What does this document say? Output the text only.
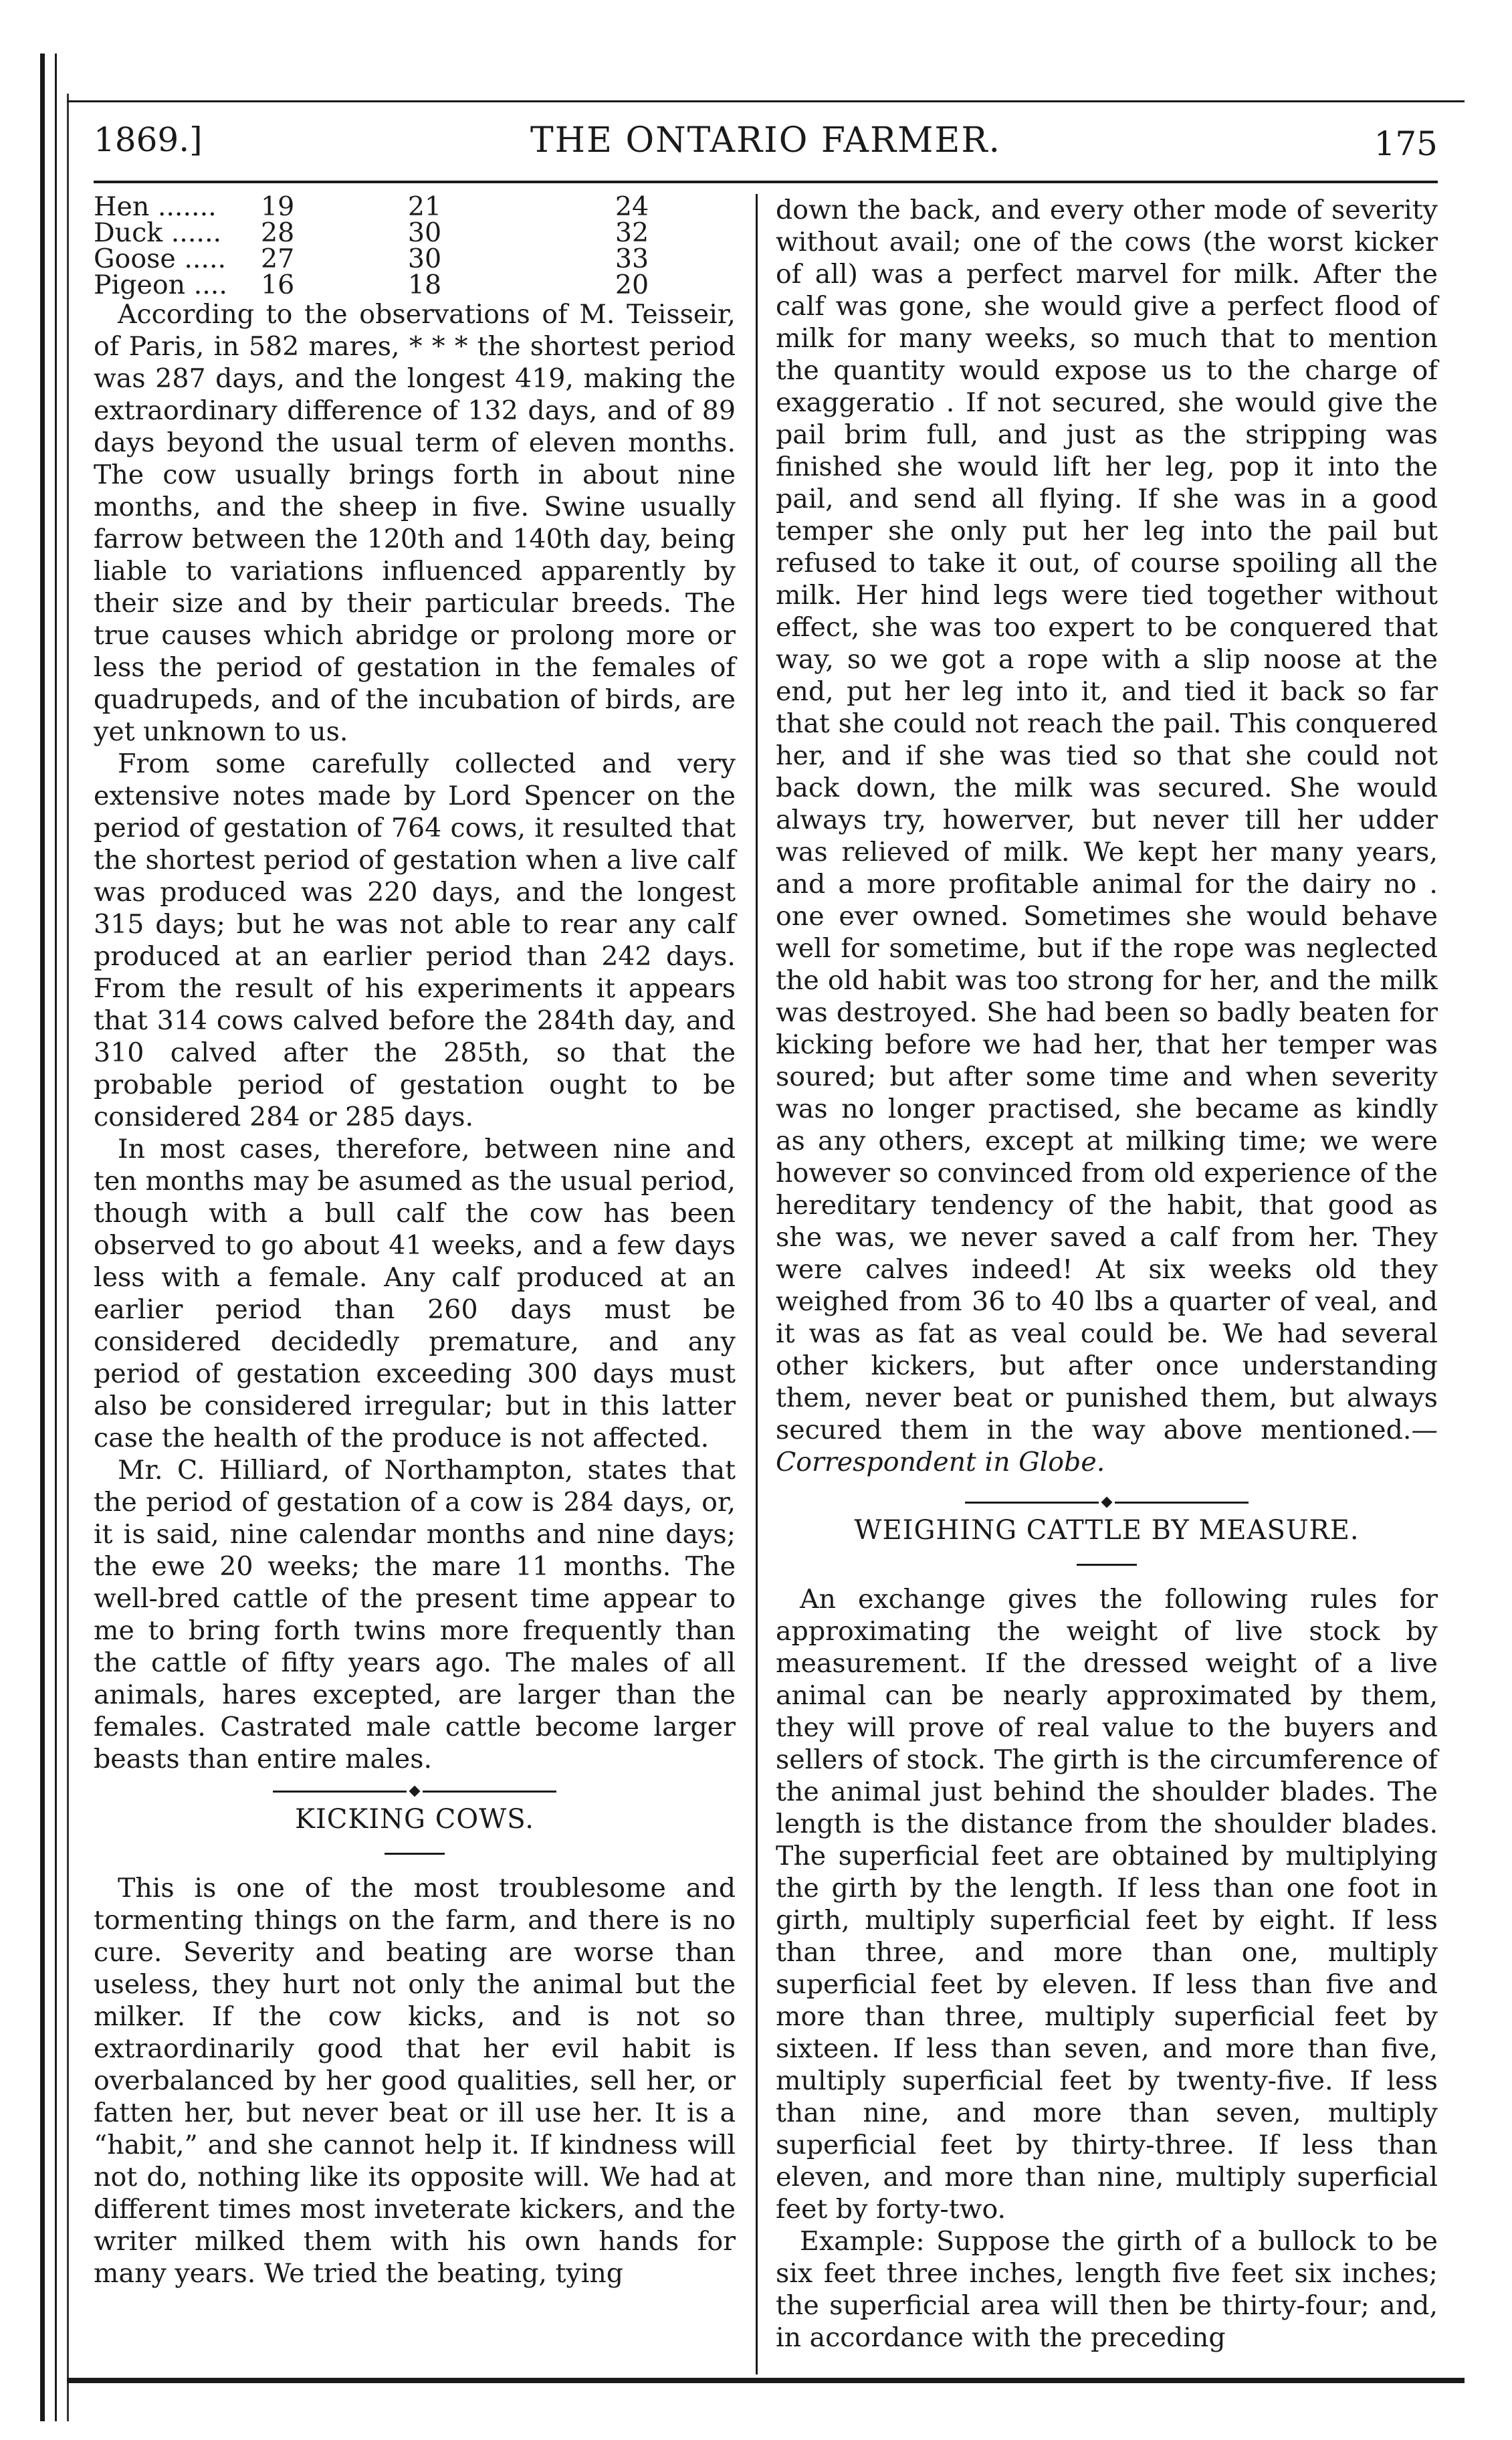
1869.]	THE ONTARIO FARMER.	175
Hen .......	19	21	24
Duck ......	28	30	32
Goose .....	27	30	33
Pigeon ....	16	18	20

According to the observations of M. Teisseir, of Paris, in 582 mares, * * * the shortest period was 287 days, and the longest 419, making the extraordinary difference of 132 days, and of 89 days beyond the usual term of eleven months. The cow usually brings forth in about nine months, and the sheep in five. Swine usually farrow between the 120th and 140th day, being liable to variations influenced apparently by their size and by their particular breeds. The true causes which abridge or prolong more or less the period of gestation in the females of quadrupeds, and of the incubation of birds, are yet unknown to us.

From some carefully collected and very extensive notes made by Lord Spencer on the period of gestation of 764 cows, it resulted that the shortest period of gestation when a live calf was produced was 220 days, and the longest 315 days; but he was not able to rear any calf produced at an earlier period than 242 days. From the result of his experiments it appears that 314 cows calved before the 284th day, and 310 calved after the 285th, so that the probable period of gestation ought to be considered 284 or 285 days.

In most cases, therefore, between nine and ten months may be asumed as the usual period, though with a bull calf the cow has been observed to go about 41 weeks, and a few days less with a female. Any calf produced at an earlier period than 260 days must be considered decidedly premature, and any period of gestation exceeding 300 days must also be considered irregular; but in this latter case the health of the produce is not affected.

Mr. C. Hilliard, of Northampton, states that the period of gestation of a cow is 284 days, or, it is said, nine calendar months and nine days; the ewe 20 weeks; the mare 11 months. The well-bred cattle of the present time appear to me to bring forth twins more frequently than the cattle of fifty years ago. The males of all animals, hares excepted, are larger than the females. Castrated male cattle become larger beasts than entire males.

KICKING COWS.

This is one of the most troublesome and tormenting things on the farm, and there is no cure. Severity and beating are worse than useless, they hurt not only the animal but the milker. If the cow kicks, and is not so extraordinarily good that her evil habit is overbalanced by her good qualities, sell her, or fatten her, but never beat or ill use her. It is a “habit,” and she cannot help it. If kindness will not do, nothing like its opposite will. We had at different times most inveterate kickers, and the writer milked them with his own hands for many years. We tried the beating, tying

down the back, and every other mode of severity without avail; one of the cows (the worst kicker of all) was a perfect marvel for milk. After the calf was gone, she would give a perfect flood of milk for many weeks, so much that to mention the quantity would expose us to the charge of exaggeratio . If not secured, she would give the pail brim full, and just as the stripping was finished she would lift her leg, pop it into the pail, and send all flying. If she was in a good temper she only put her leg into the pail but refused to take it out, of course spoiling all the milk. Her hind legs were tied together without effect, she was too expert to be conquered that way, so we got a rope with a slip noose at the end, put her leg into it, and tied it back so far that she could not reach the pail. This conquered her, and if she was tied so that she could not back down, the milk was secured. She would always try, howerver, but never till her udder was relieved of milk. We kept her many years, and a more profitable animal for the dairy no . one ever owned. Sometimes she would behave well for sometime, but if the rope was neglected the old habit was too strong for her, and the milk was destroyed. She had been so badly beaten for kicking before we had her, that her temper was soured; but after some time and when severity was no longer practised, she became as kindly as any others, except at milking time; we were however so convinced from old experience of the hereditary tendency of the habit, that good as she was, we never saved a calf from her. They were calves indeed! At six weeks old they weighed from 36 to 40 lbs a quarter of veal, and it was as fat as veal could be. We had several other kickers, but after once understanding them, never beat or punished them, but always secured them in the way above mentioned.—Correspondent in Globe.

WEIGHING CATTLE BY MEASURE.

An exchange gives the following rules for approximating the weight of live stock by measurement. If the dressed weight of a live animal can be nearly approximated by them, they will prove of real value to the buyers and sellers of stock. The girth is the circumference of the animal just behind the shoulder blades. The length is the distance from the shoulder blades. The superficial feet are obtained by multiplying the girth by the length. If less than one foot in girth, multiply superficial feet by eight. If less than three, and more than one, multiply superficial feet by eleven. If less than five and more than three, multiply superficial feet by sixteen. If less than seven, and more than five, multiply superficial feet by twenty-five. If less than nine, and more than seven, multiply superficial feet by thirty-three. If less than eleven, and more than nine, multiply superficial feet by forty-two.

Example: Suppose the girth of a bullock to be six feet three inches, length five feet six inches; the superficial area will then be thirty-four; and, in accordance with the preceding
